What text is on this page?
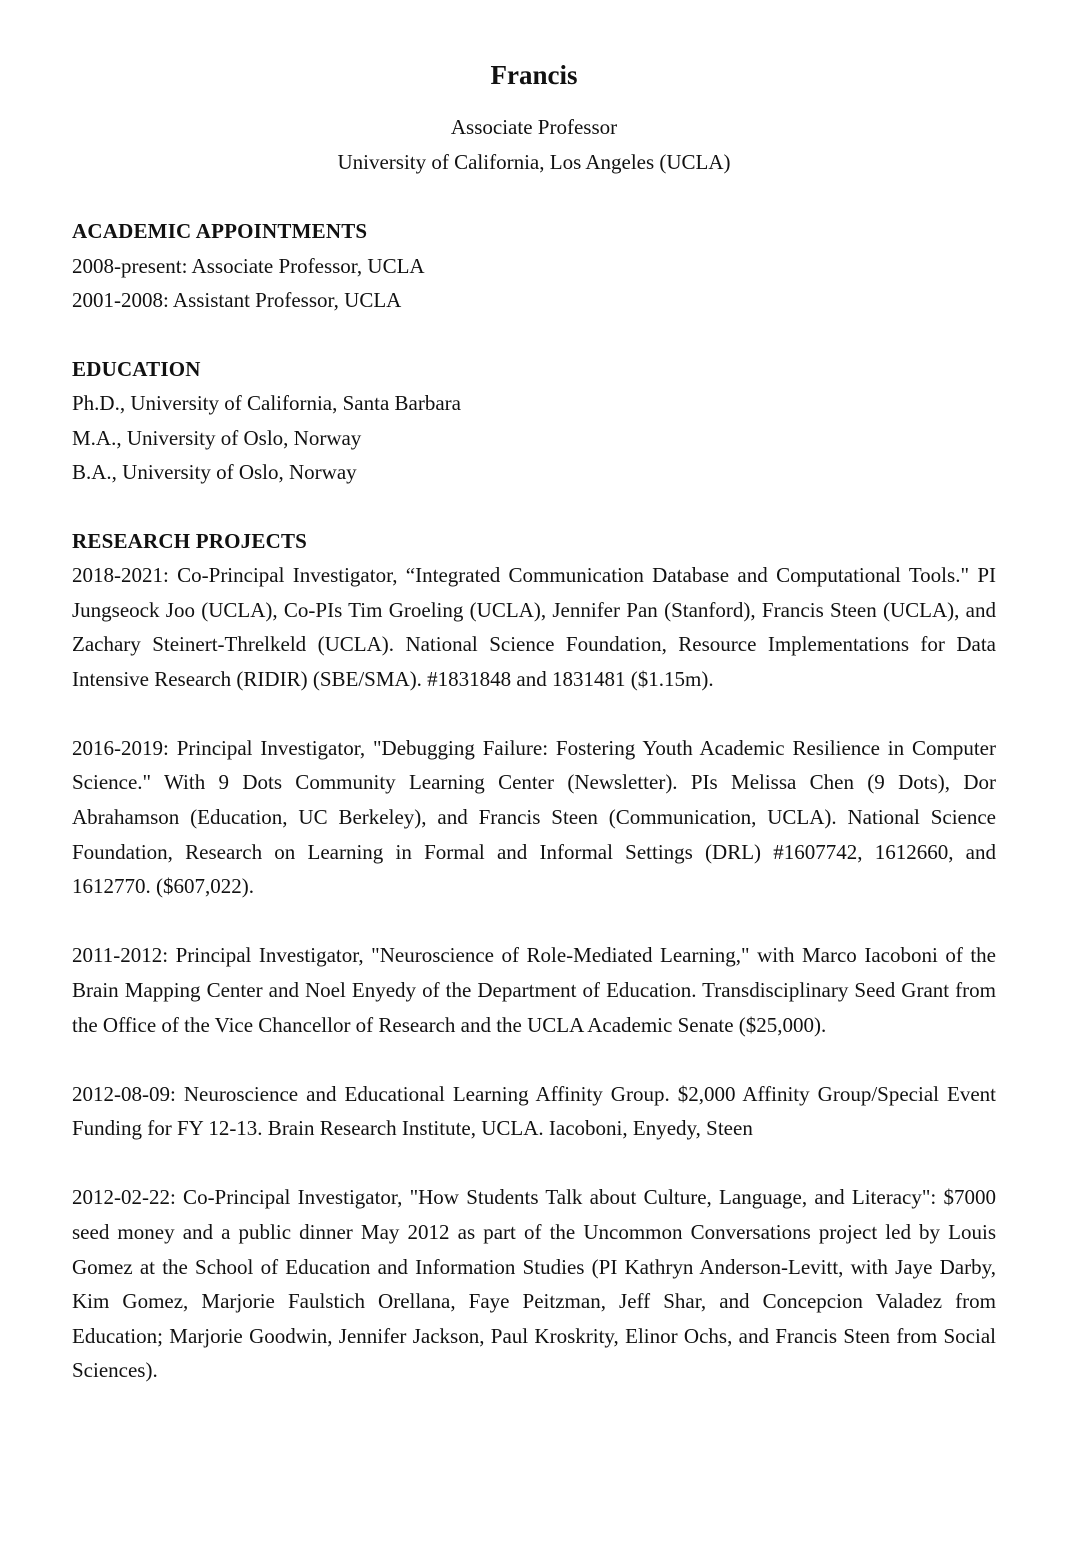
Francis

Associate Professor

University of California, Los Angeles (UCLA)

ACADEMIC APPOINTMENTS

2008-present: Associate Professor, UCLA

2001-2008: Assistant Professor, UCLA

EDUCATION

Ph.D., University of California, Santa Barbara

M.A., University of Oslo, Norway

B.A., University of Oslo, Norway

RESEARCH PROJECTS

2018-2021: Co-Principal Investigator, “Integrated Communication Database and Computational Tools." PI Jungseock Joo (UCLA), Co-PIs Tim Groeling (UCLA), Jennifer Pan (Stanford), Francis Steen (UCLA), and Zachary Steinert-Threlkeld (UCLA). National Science Foundation, Resource Implementations for Data Intensive Research (RIDIR) (SBE/SMA). #1831848 and 1831481 ($1.15m).

2016-2019: Principal Investigator, "Debugging Failure: Fostering Youth Academic Resilience in Computer Science." With 9 Dots Community Learning Center (Newsletter). PIs Melissa Chen (9 Dots), Dor Abrahamson (Education, UC Berkeley), and Francis Steen (Communication, UCLA). National Science Foundation, Research on Learning in Formal and Informal Settings (DRL) #1607742, 1612660, and 1612770. ($607,022).

2011-2012: Principal Investigator, "Neuroscience of Role-Mediated Learning," with Marco Iacoboni of the Brain Mapping Center and Noel Enyedy of the Department of Education. Transdisciplinary Seed Grant from the Office of the Vice Chancellor of Research and the UCLA Academic Senate ($25,000).

2012-08-09: Neuroscience and Educational Learning Affinity Group. $2,000 Affinity Group/Special Event Funding for FY 12-13. Brain Research Institute, UCLA. Iacoboni, Enyedy, Steen

2012-02-22: Co-Principal Investigator, "How Students Talk about Culture, Language, and Literacy": $7000 seed money and a public dinner May 2012 as part of the Uncommon Conversations project led by Louis Gomez at the School of Education and Information Studies (PI Kathryn Anderson-Levitt, with Jaye Darby, Kim Gomez, Marjorie Faulstich Orellana, Faye Peitzman, Jeff Shar, and Concepcion Valadez from Education; Marjorie Goodwin, Jennifer Jackson, Paul Kroskrity, Elinor Ochs, and Francis Steen from Social Sciences).
